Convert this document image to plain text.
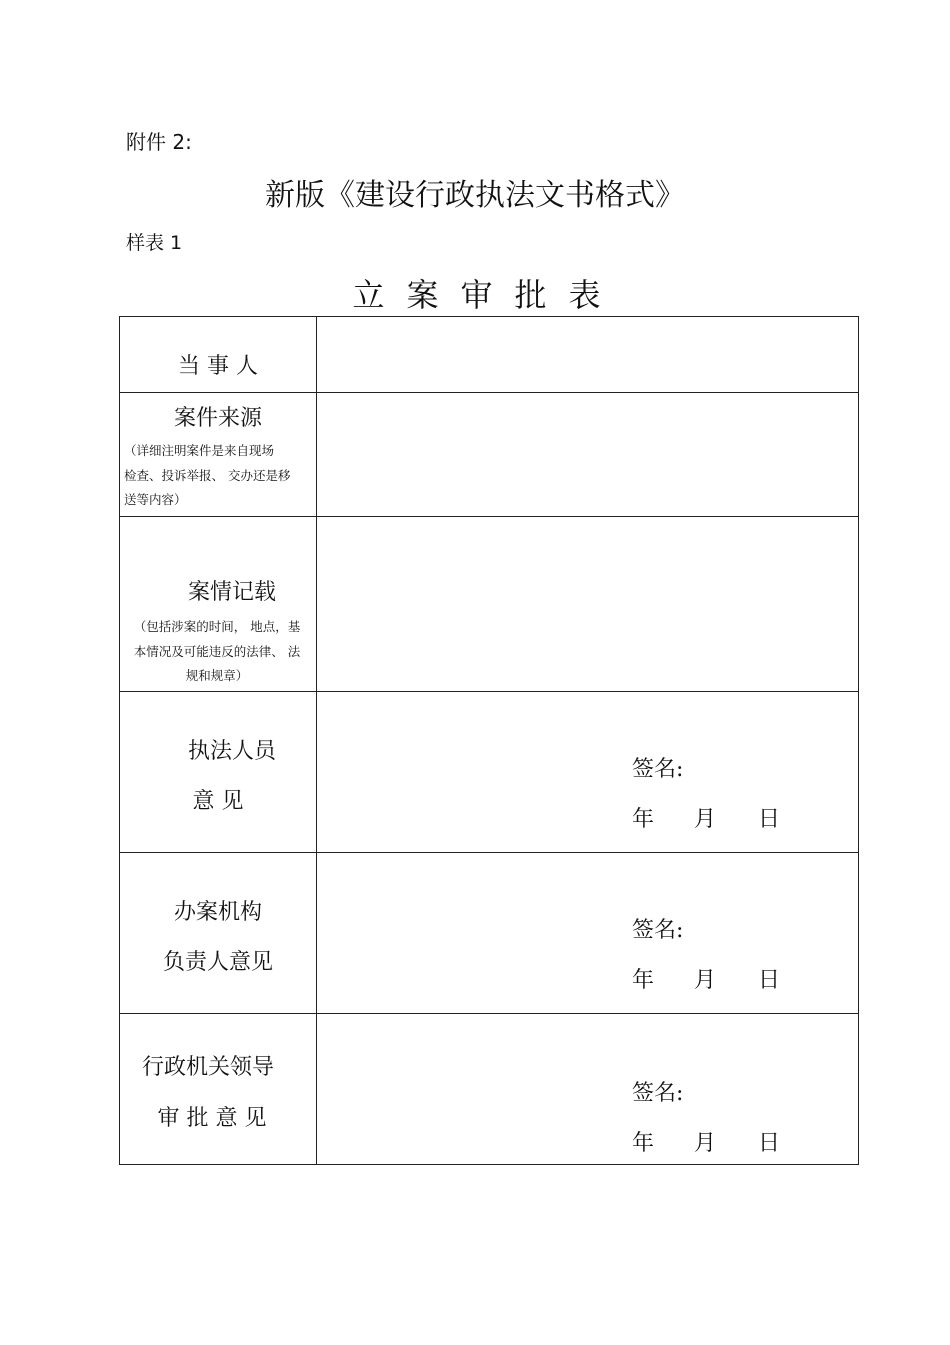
附件 2:
新版《建设行政执法文书格式》
样表 1
立案审批表
当 事 人
案件来源
（详细注明案件是来自现场
检查、投诉举报、 交办还是移
送等内容）
案情记载
（包括涉案的时间， 地点，基
本情况及可能违反的法律、 法
规和规章）
执法人员
意 见
签名:
年 月 日
办案机构
负责人意见
签名:
年 月 日
行政机关领导
审 批 意 见
签名:
年 月 日
